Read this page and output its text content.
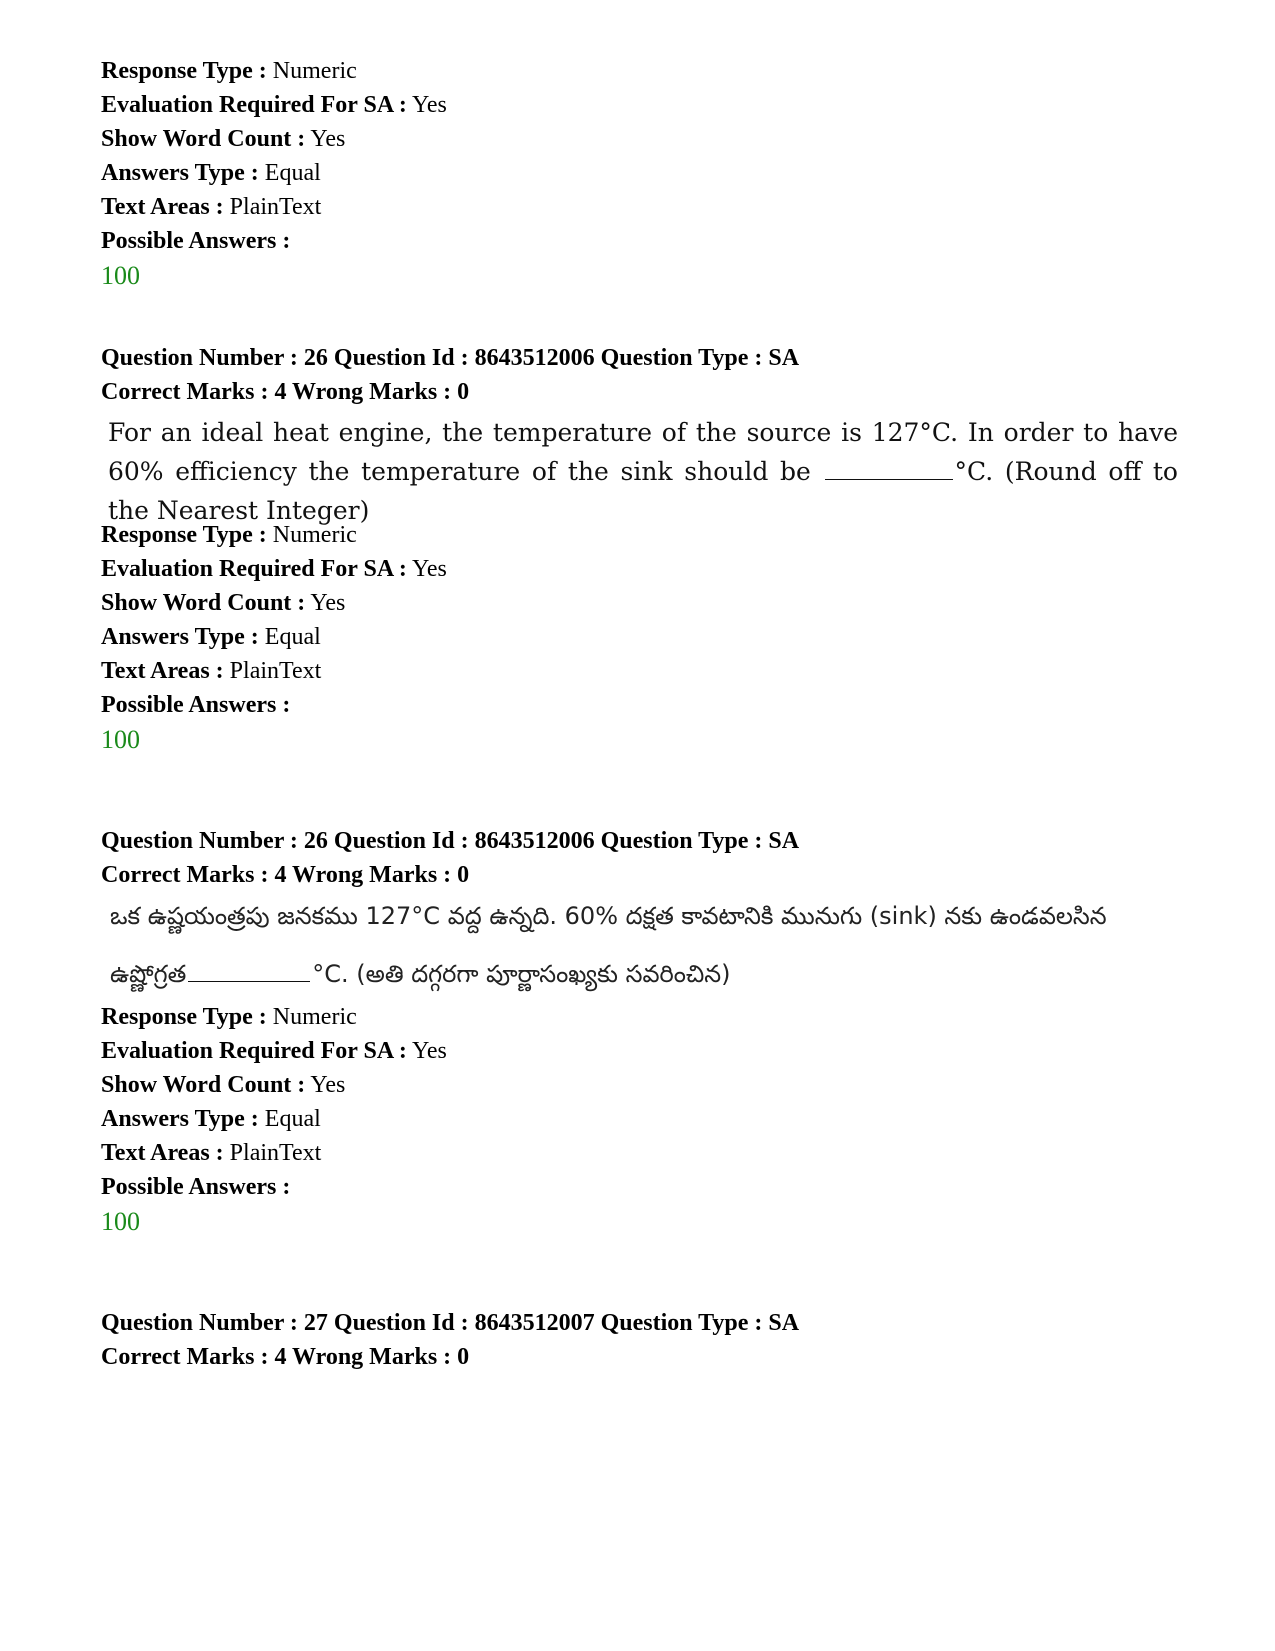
Response Type : Numeric
Evaluation Required For SA : Yes
Show Word Count : Yes
Answers Type : Equal
Text Areas : PlainText
Possible Answers :
100
Question Number : 26 Question Id : 8643512006 Question Type : SA
Correct Marks : 4 Wrong Marks : 0
For an ideal heat engine, the temperature of the source is 127°C. In order to have 60% efficiency the temperature of the sink should be	°C. (Round off to the Nearest Integer)
Response Type : Numeric
Evaluation Required For SA : Yes
Show Word Count : Yes
Answers Type : Equal
Text Areas : PlainText
Possible Answers :
100
Question Number : 26 Question Id : 8643512006 Question Type : SA
Correct Marks : 4 Wrong Marks : 0
ఒక ఉష్ణయంత్రపు జనకము 127°C వద్ద ఉన్నది. 60% దక్షత కావటానికి మునుగు (sink) నకు ఉండవలసిన
ఉష్ణోగ్రత	°C. (అతి దగ్గరగా పూర్ణాసంఖ్యకు సవరించిన)
Response Type : Numeric
Evaluation Required For SA : Yes
Show Word Count : Yes
Answers Type : Equal
Text Areas : PlainText
Possible Answers :
100
Question Number : 27 Question Id : 8643512007 Question Type : SA
Correct Marks : 4 Wrong Marks : 0
